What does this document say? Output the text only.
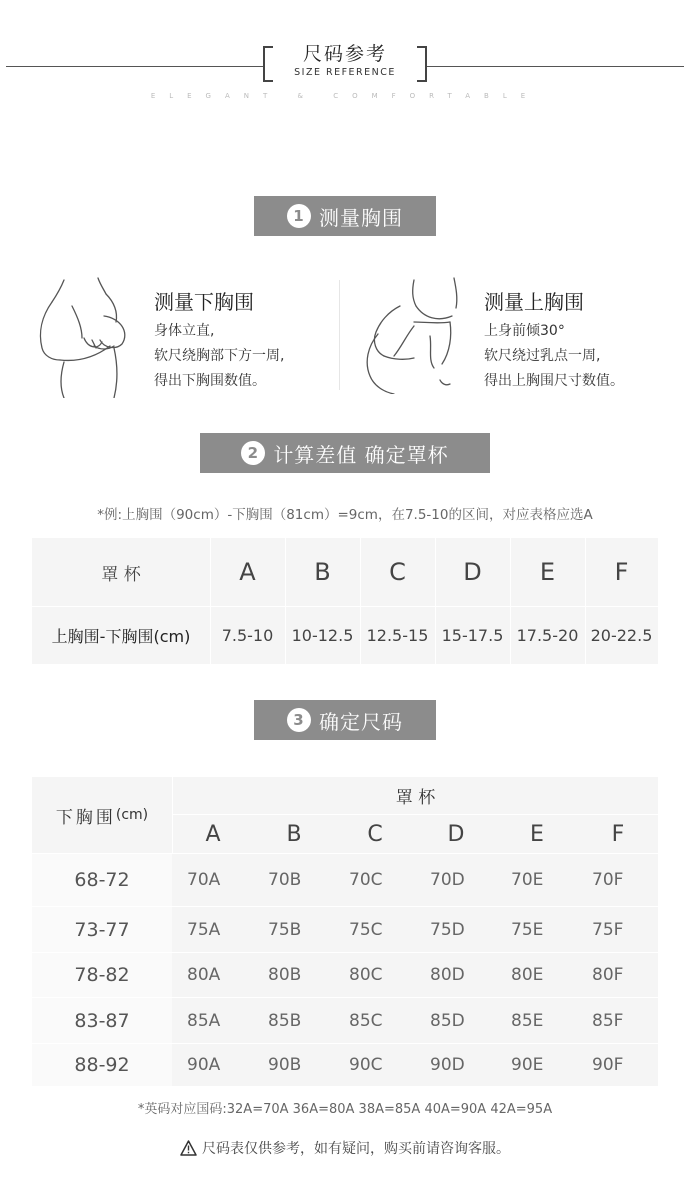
尺码参考
SIZE REFERENCE
ELEGANT & COMFORTABLE
1 测量胸围
测量下胸围
身体立直,
软尺绕胸部下方一周,
得出下胸围数值。
测量上胸围
上身前倾30°
软尺绕过乳点一周,
得出上胸围尺寸数值。
2 计算差值 确定罩杯
*例:上胸围（90cm）-下胸围（81cm）=9cm，在7.5-10的区间，对应表格应选A
罩 杯	A	B	C	D	E	F
上胸围-下胸围(cm)	7.5-10	10-12.5 12.5-15 15-17.5 17.5-20 20-22.5
3 确定尺码
下胸围 (cm)
罩 杯
A	B	C	D	E	F
68-72	70A	70B	70C	70D	70E	70F
73-77	75A	75B	75C	75D	75E	75F
78-82	80A	80B	80C	80D	80E	80F
83-87	85A	85B	85C	85D	85E	85F
88-92	90A	90B	90C	90D	90E	90F
*英码对应国码:32A=70A 36A=80A 38A=85A 40A=90A 42A=95A
尺码表仅供参考，如有疑问，购买前请咨询客服。
